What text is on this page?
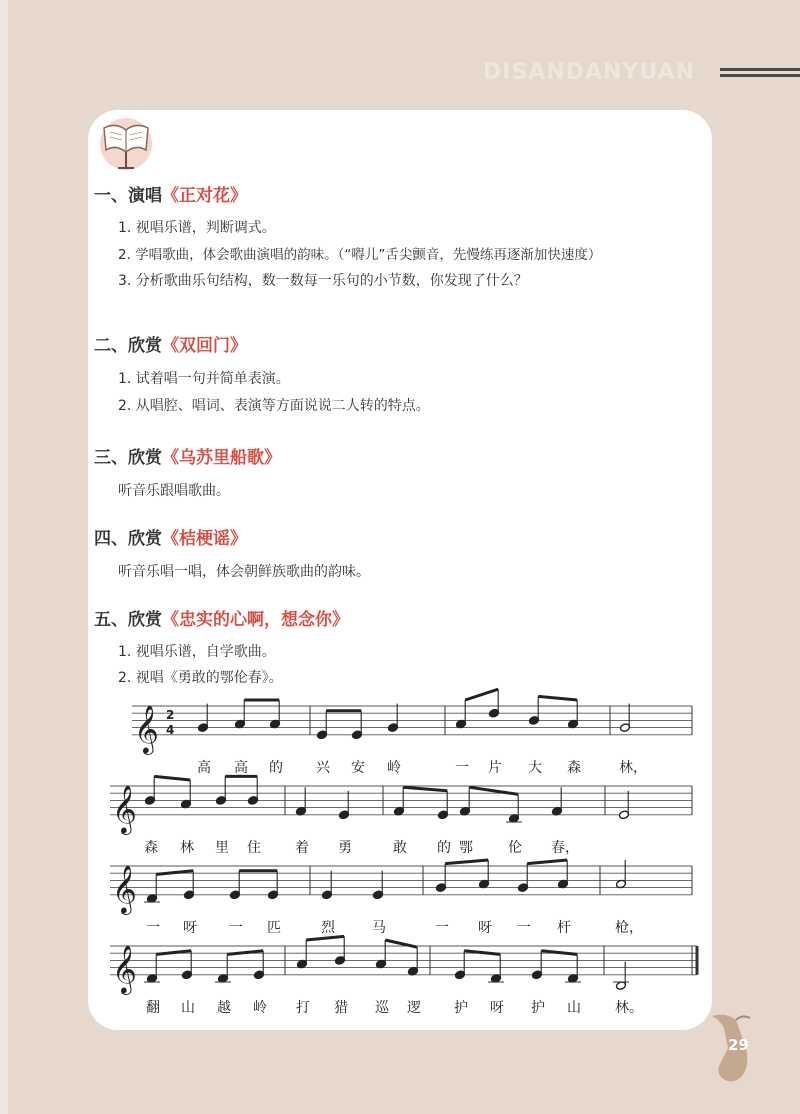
DISANDANYUAN
一、演唱《正对花》
1. 视唱乐谱，判断调式。
2. 学唱歌曲，体会歌曲演唱的韵味。（“嘚儿”舌尖颤音，先慢练再逐渐加快速度）
3. 分析歌曲乐句结构，数一数每一乐句的小节数，你发现了什么？
二、欣赏《双回门》
1. 试着唱一句并简单表演。
2. 从唱腔、唱词、表演等方面说说二人转的特点。
三、欣赏《乌苏里船歌》
听音乐跟唱歌曲。
四、欣赏《桔梗谣》
听音乐唱一唱，体会朝鲜族歌曲的韵味。
五、欣赏《忠实的心啊，想念你》
1. 视唱乐谱，自学歌曲。
2. 视唱《勇敢的鄂伦春》。
𝄞 2
4
𝄞
𝄞
𝄞
高 高 的 兴 安 岭	一 片 大 森	林，
森 林 里 住 着 勇	敢 的 鄂	伦 春，
一 呀 一 匹	烈	马	一 呀 一 杆	枪，
翻 山 越 岭 打 猎 巡 逻 护 呀 护 山 林。
29
